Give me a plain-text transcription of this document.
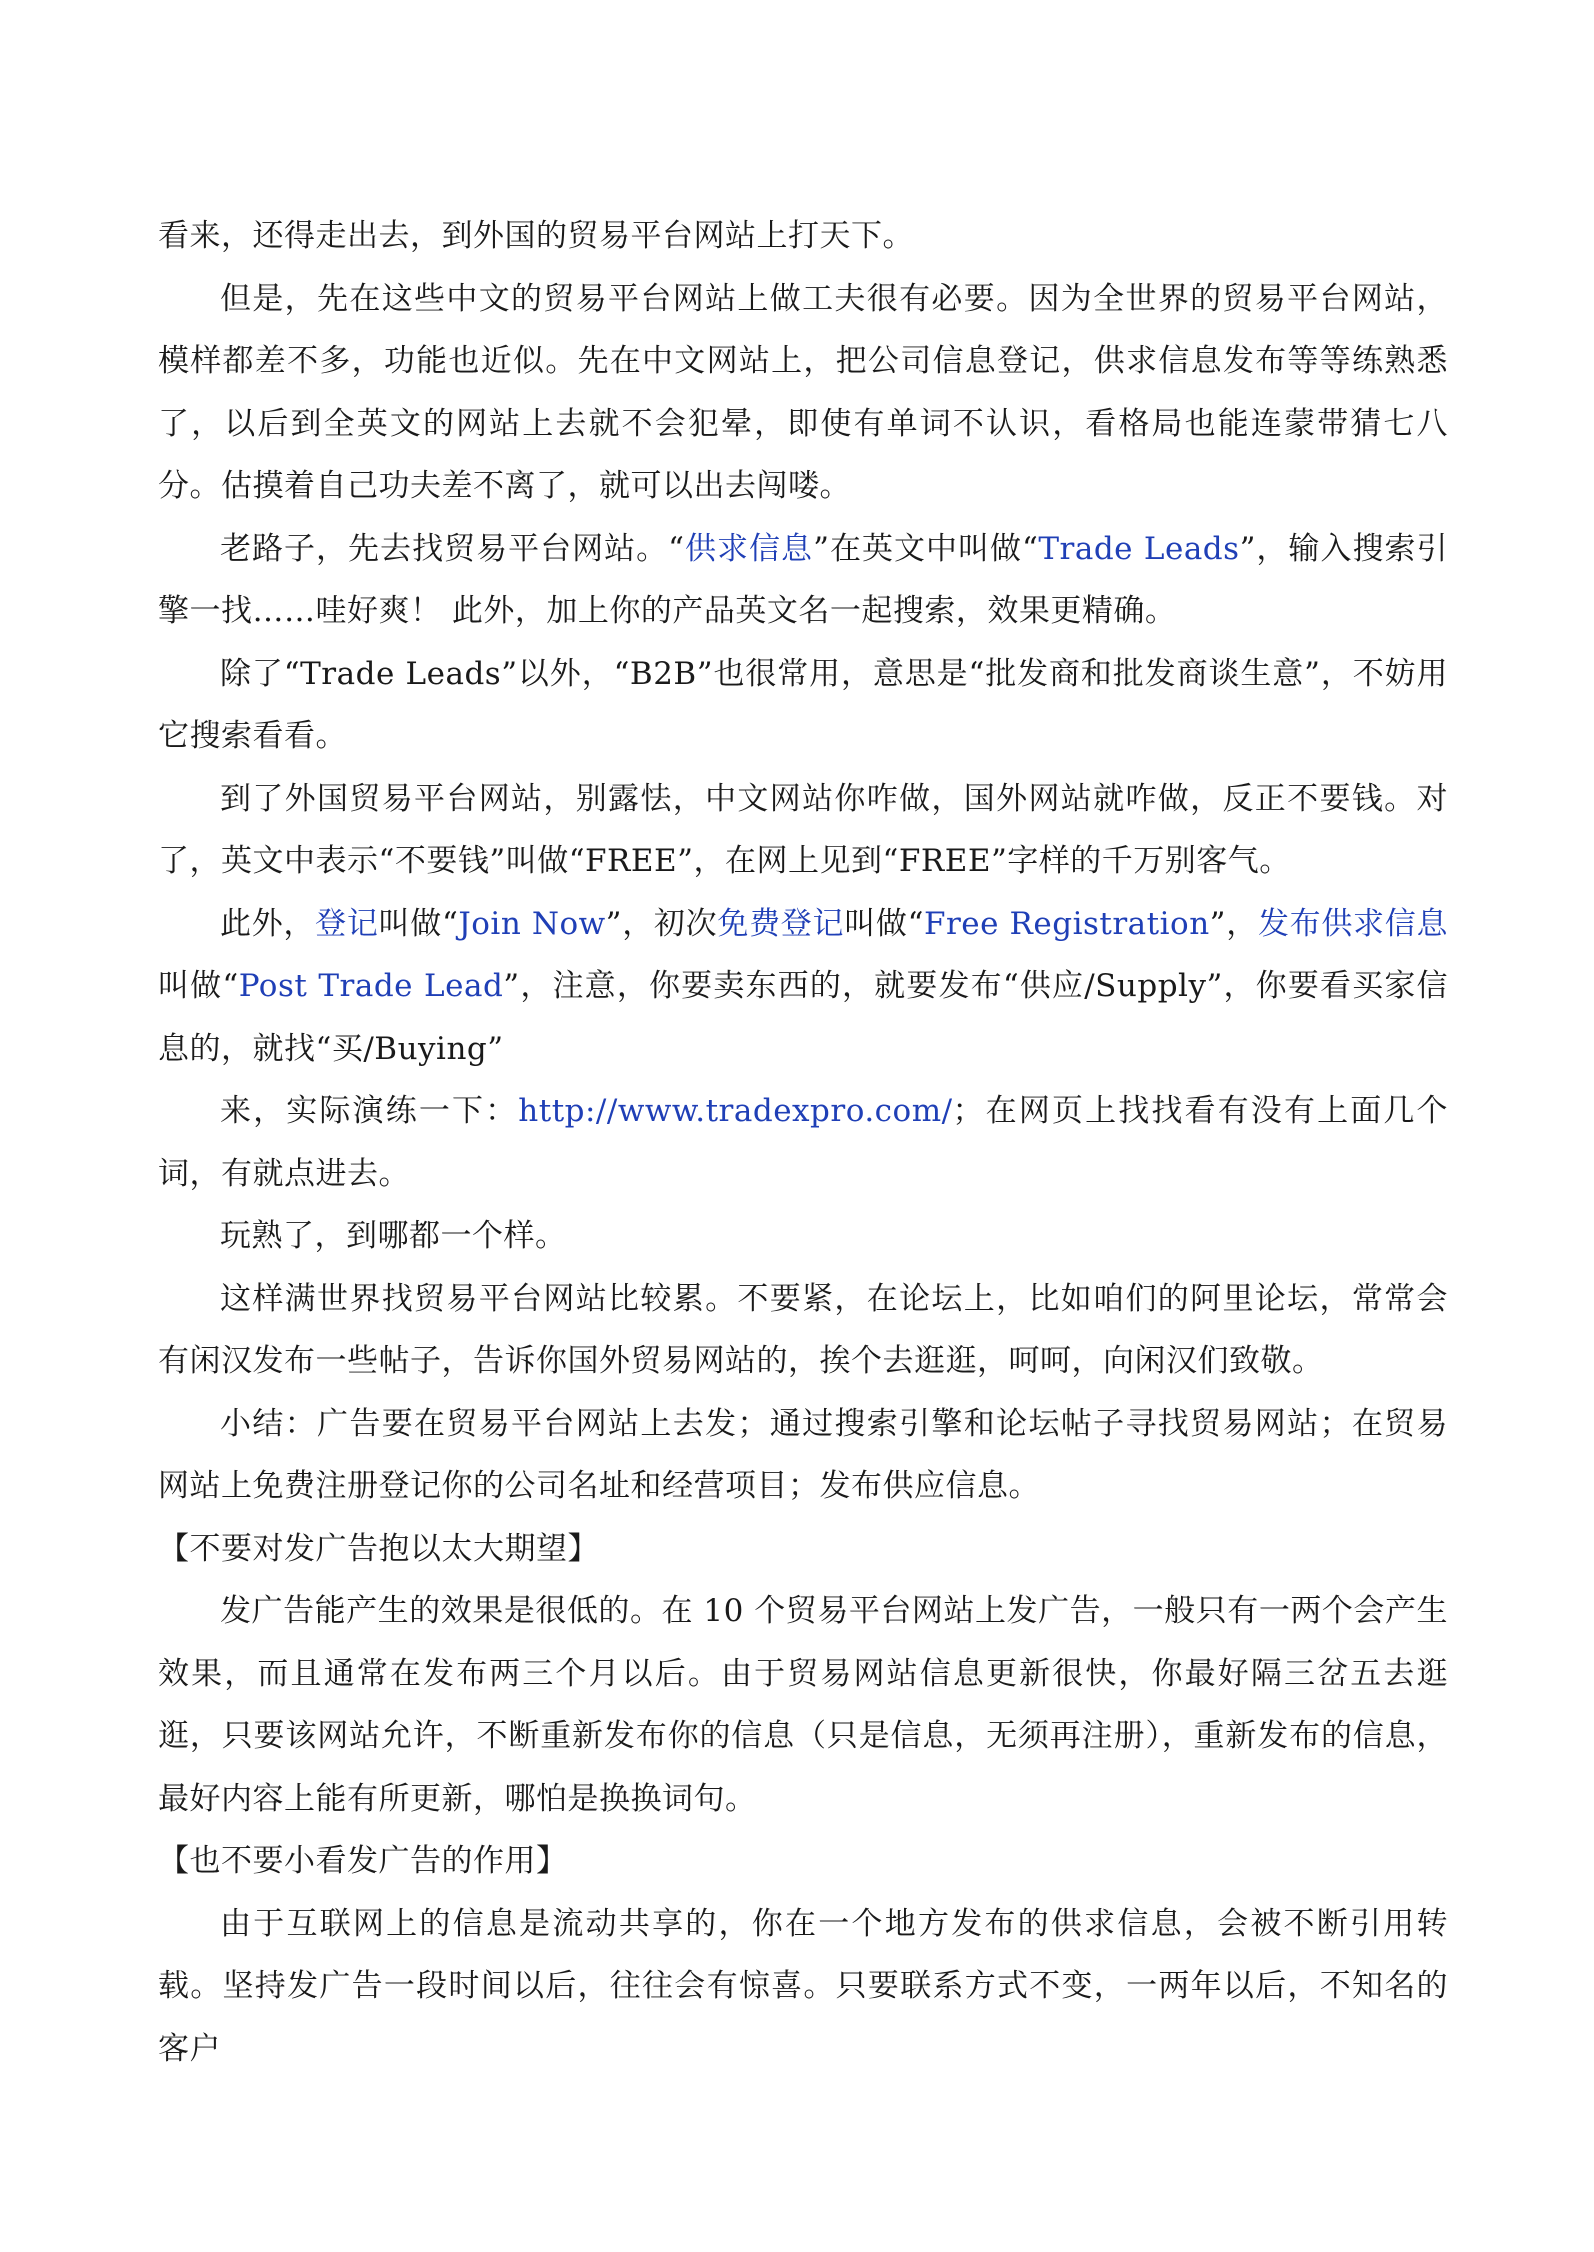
看来，还得走出去，到外国的贸易平台网站上打天下。

但是，先在这些中文的贸易平台网站上做工夫很有必要。因为全世界的贸易平台网站，模样都差不多，功能也近似。先在中文网站上，把公司信息登记，供求信息发布等等练熟悉了，以后到全英文的网站上去就不会犯晕，即使有单词不认识，看格局也能连蒙带猜七八分。估摸着自己功夫差不离了，就可以出去闯喽。

老路子，先去找贸易平台网站。“供求信息”在英文中叫做“Trade Leads”，输入搜索引擎一找……哇好爽！ 此外，加上你的产品英文名一起搜索，效果更精确。

除了“Trade Leads”以外，“B2B”也很常用，意思是“批发商和批发商谈生意”，不妨用它搜索看看。

到了外国贸易平台网站，别露怯，中文网站你咋做，国外网站就咋做，反正不要钱。对了，英文中表示“不要钱”叫做“FREE”，在网上见到“FREE”字样的千万别客气。

此外，登记叫做“Join Now”，初次免费登记叫做“Free Registration”，发布供求信息叫做“Post Trade Lead”，注意，你要卖东西的，就要发布“供应/Supply”，你要看买家信息的，就找“买/Buying”

来，实际演练一下：http://www.tradexpro.com/；在网页上找找看有没有上面几个词，有就点进去。

玩熟了，到哪都一个样。

这样满世界找贸易平台网站比较累。不要紧，在论坛上，比如咱们的阿里论坛，常常会有闲汉发布一些帖子，告诉你国外贸易网站的，挨个去逛逛，呵呵，向闲汉们致敬。

小结：广告要在贸易平台网站上去发；通过搜索引擎和论坛帖子寻找贸易网站；在贸易网站上免费注册登记你的公司名址和经营项目；发布供应信息。

【不要对发广告抱以太大期望】

发广告能产生的效果是很低的。在 10 个贸易平台网站上发广告，一般只有一两个会产生效果，而且通常在发布两三个月以后。由于贸易网站信息更新很快，你最好隔三岔五去逛逛，只要该网站允许，不断重新发布你的信息（只是信息，无须再注册），重新发布的信息，最好内容上能有所更新，哪怕是换换词句。

【也不要小看发广告的作用】

由于互联网上的信息是流动共享的，你在一个地方发布的供求信息，会被不断引用转载。坚持发广告一段时间以后，往往会有惊喜。只要联系方式不变，一两年以后，不知名的客户
